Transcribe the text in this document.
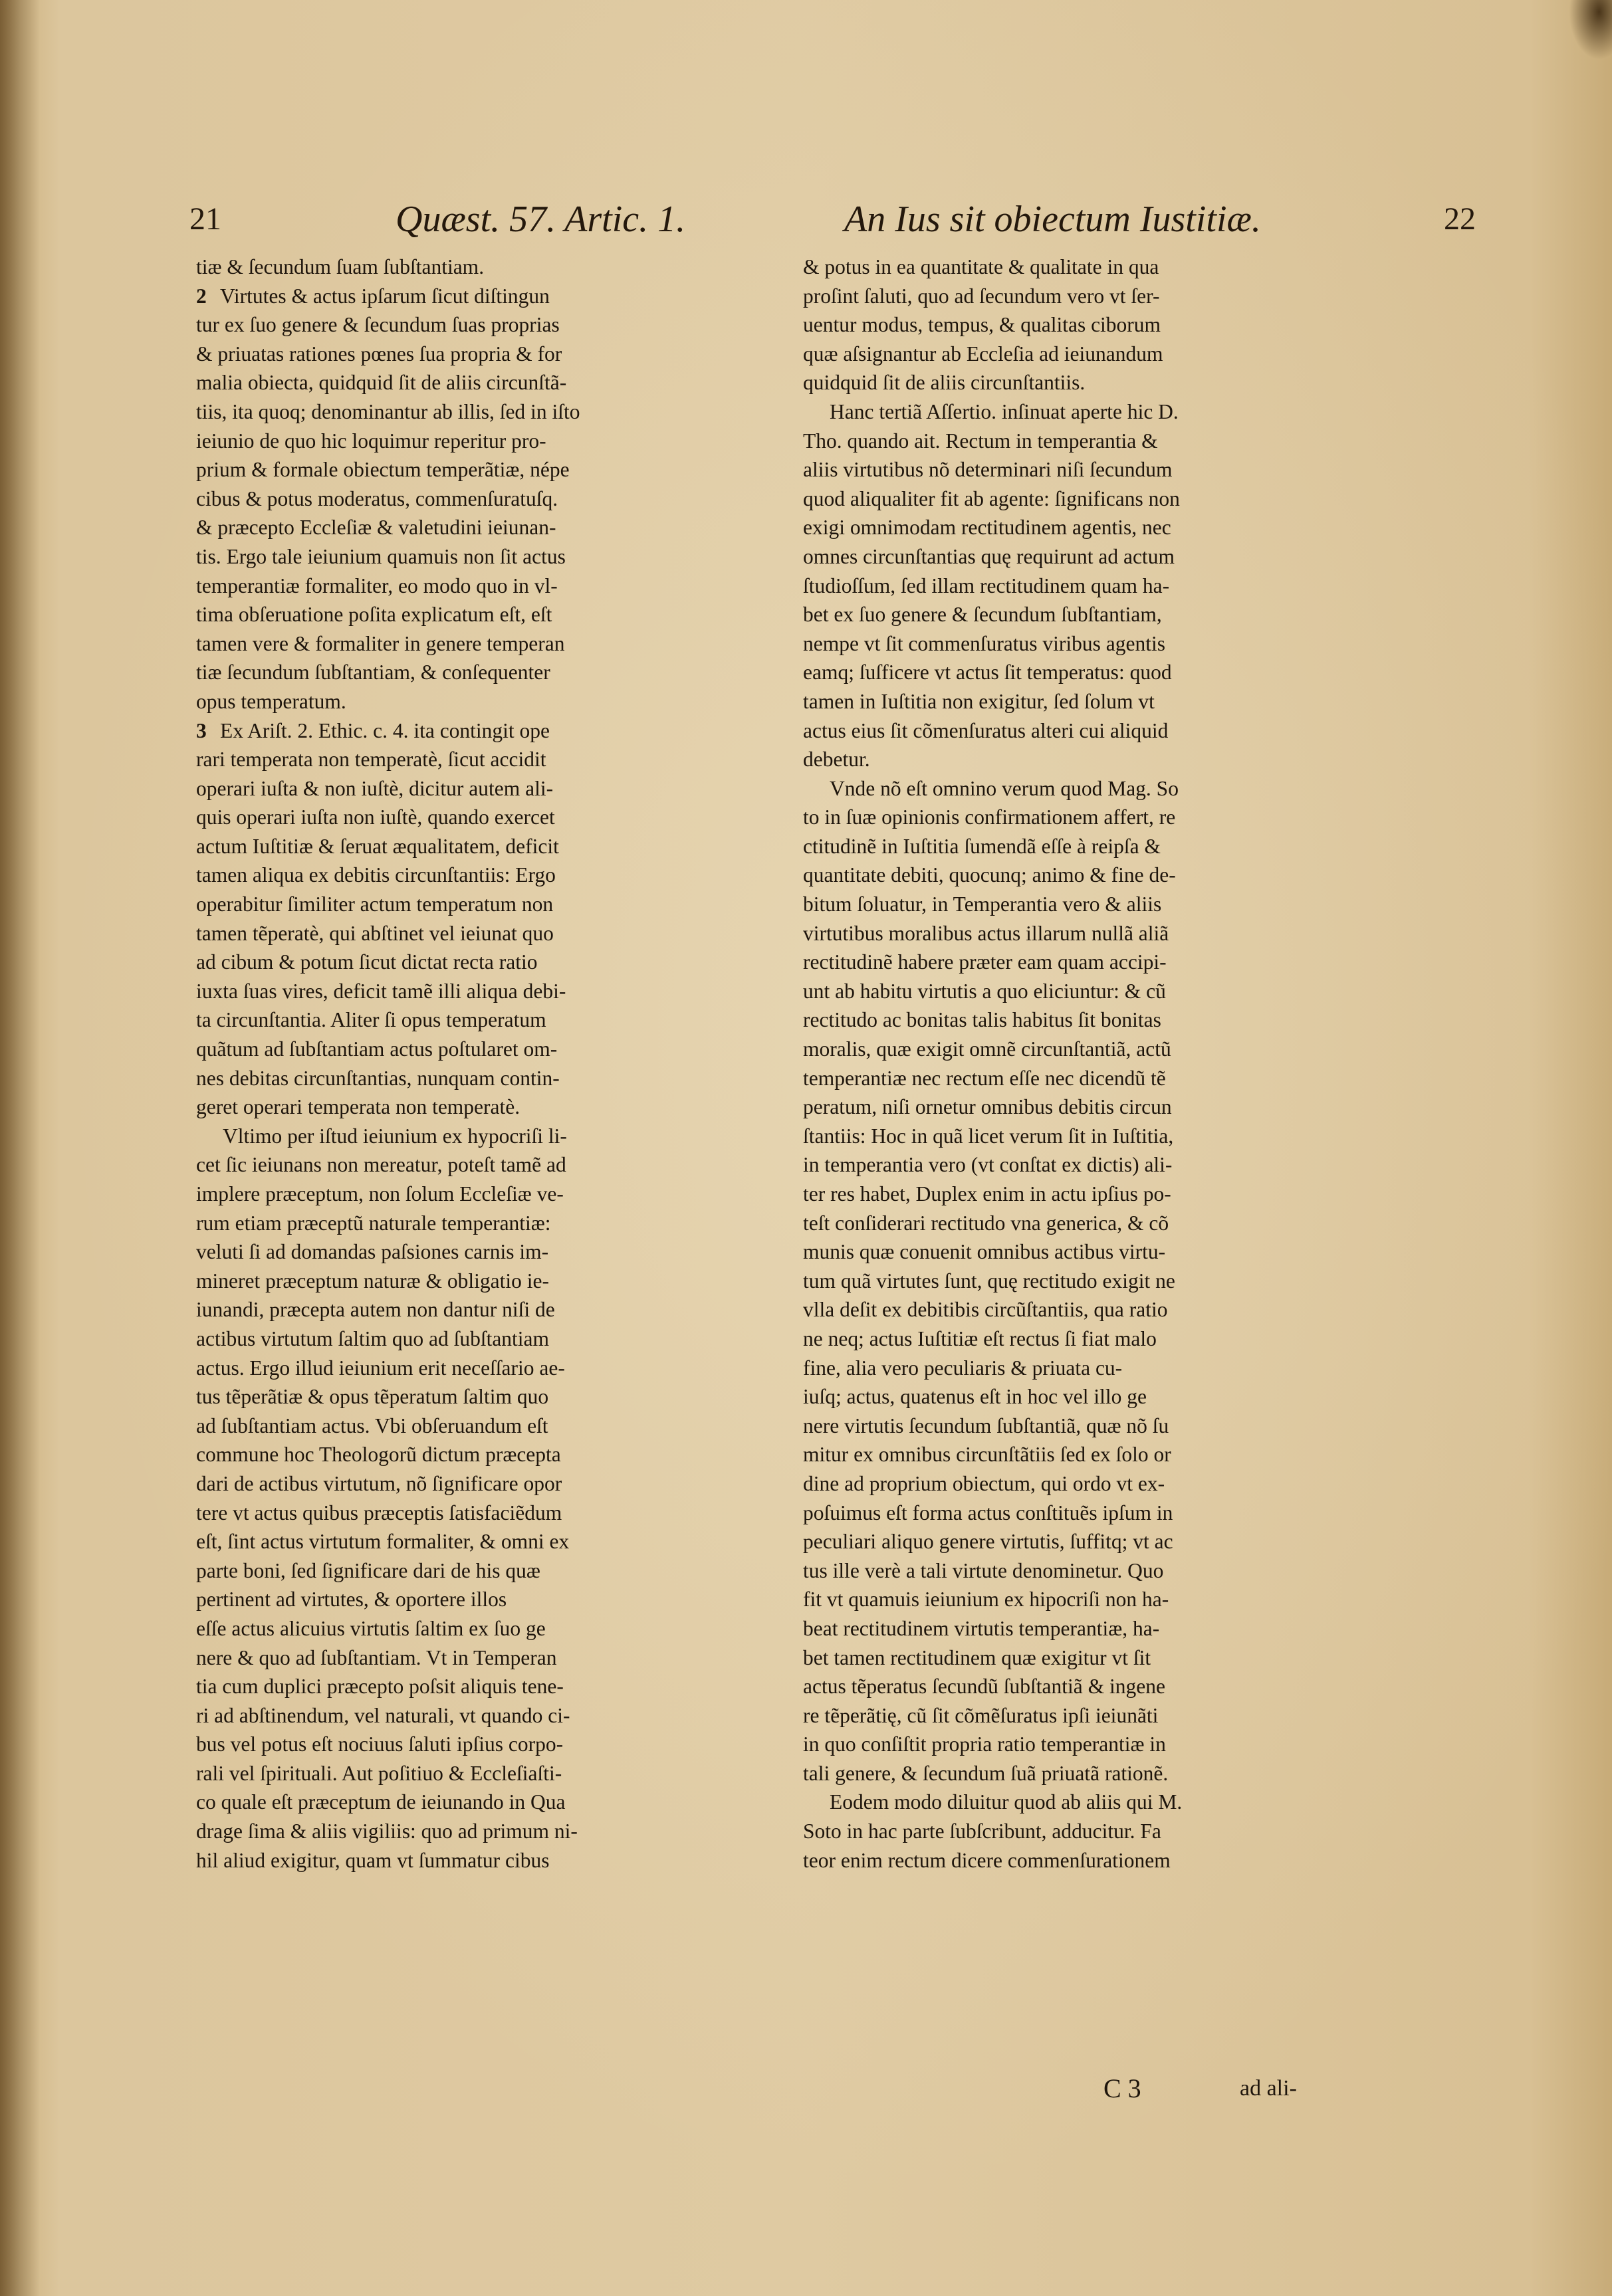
21	Quæst. 57. Artic. 1.	An Ius sit obiectum Iustitiæ.	22
tiæ & ſecundum ſuam ſubſtantiam.
2 Virtutes & actus ipſarum ſicut diſtingun
tur ex ſuo genere & ſecundum ſuas proprias
& priuatas rationes pœnes ſua propria & for
malia obiecta, quidquid ſit de aliis circunſtã-
tiis, ita quoq; denominantur ab illis, ſed in iſto
ieiunio de quo hic loquimur reperitur pro-
prium & formale obiectum temperãtiæ, népe
cibus & potus moderatus, commenſuratuſq.
& præcepto Eccleſiæ & valetudini ieiunan-
tis. Ergo tale ieiunium quamuis non ſit actus
temperantiæ formaliter, eo modo quo in vl-
tima obſeruatione poſita explicatum eſt, eſt
tamen vere & formaliter in genere temperan
tiæ ſecundum ſubſtantiam, & conſequenter
opus temperatum.
3 Ex Ariſt. 2. Ethic. c. 4. ita contingit ope
rari temperata non temperatè, ſicut accidit
operari iuſta & non iuſtè, dicitur autem ali-
quis operari iuſta non iuſtè, quando exercet
actum Iuſtitiæ & ſeruat æqualitatem, deficit
tamen aliqua ex debitis circunſtantiis: Ergo
operabitur ſimiliter actum temperatum non
tamen tẽperatè, qui abſtinet vel ieiunat quo
ad cibum & potum ſicut dictat recta ratio
iuxta ſuas vires, deficit tamẽ illi aliqua debi-
ta circunſtantia. Aliter ſi opus temperatum
quãtum ad ſubſtantiam actus poſtularet om-
nes debitas circunſtantias, nunquam contin-
geret operari temperata non temperatè.
Vltimo per iſtud ieiunium ex hypocriſi li-
cet ſic ieiunans non mereatur, poteſt tamẽ ad
implere præceptum, non ſolum Eccleſiæ ve-
rum etiam præceptũ naturale temperantiæ:
veluti ſi ad domandas paſsiones carnis im-
mineret præceptum naturæ & obligatio ie-
iunandi, præcepta autem non dantur niſi de
actibus virtutum ſaltim quo ad ſubſtantiam
actus. Ergo illud ieiunium erit neceſſario ae-
tus tẽperãtiæ & opus tẽperatum ſaltim quo
ad ſubſtantiam actus. Vbi obſeruandum eſt
commune hoc Theologorũ dictum præcepta
dari de actibus virtutum, nõ ſignificare opor
tere vt actus quibus præceptis ſatisfaciẽdum
eſt, ſint actus virtutum formaliter, & omni ex
parte boni, ſed ſignificare dari de his quæ
pertinent ad virtutes, & oportere illos
eſſe actus alicuius virtutis ſaltim ex ſuo ge
nere & quo ad ſubſtantiam. Vt in Temperan
tia cum duplici præcepto poſsit aliquis tene-
ri ad abſtinendum, vel naturali, vt quando ci-
bus vel potus eſt nociuus ſaluti ipſius corpo-
rali vel ſpirituali. Aut poſitiuo & Eccleſiaſti-
co quale eſt præceptum de ieiunando in Qua
drage ſima & aliis vigiliis: quo ad primum ni-
hil aliud exigitur, quam vt ſummatur cibus
& potus in ea quantitate & qualitate in qua
proſint ſaluti, quo ad ſecundum vero vt ſer-
uentur modus, tempus, & qualitas ciborum
quæ aſsignantur ab Eccleſia ad ieiunandum
quidquid ſit de aliis circunſtantiis.
Hanc tertiã Aſſertio. inſinuat aperte hic D.
Tho. quando ait. Rectum in temperantia &
aliis virtutibus nõ determinari niſi ſecundum
quod aliqualiter fit ab agente: ſignificans non
exigi omnimodam rectitudinem agentis, nec
omnes circunſtantias quę requirunt ad actum
ſtudioſſum, ſed illam rectitudinem quam ha-
bet ex ſuo genere & ſecundum ſubſtantiam,
nempe vt ſit commenſuratus viribus agentis
eamq; ſuſficere vt actus ſit temperatus: quod
tamen in Iuſtitia non exigitur, ſed ſolum vt
actus eius ſit cõmenſuratus alteri cui aliquid
debetur.
Vnde nõ eſt omnino verum quod Mag. So
to in ſuæ opinionis confirmationem affert, re
ctitudinẽ in Iuſtitia ſumendã eſſe à reipſa &
quantitate debiti, quocunq; animo & fine de-
bitum ſoluatur, in Temperantia vero & aliis
virtutibus moralibus actus illarum nullã aliã
rectitudinẽ habere præter eam quam accipi-
unt ab habitu virtutis a quo eliciuntur: & cũ
rectitudo ac bonitas talis habitus ſit bonitas
moralis, quæ exigit omnẽ circunſtantiã, actũ
temperantiæ nec rectum eſſe nec dicendũ tẽ
peratum, niſi ornetur omnibus debitis circun
ſtantiis: Hoc in quã licet verum ſit in Iuſtitia,
in temperantia vero (vt conſtat ex dictis) ali-
ter res habet, Duplex enim in actu ipſius po-
teſt conſiderari rectitudo vna generica, & cõ
munis quæ conuenit omnibus actibus virtu-
tum quã virtutes ſunt, quę rectitudo exigit ne
vlla deſit ex debitibis circũſtantiis, qua ratio
ne neq; actus Iuſtitiæ eſt rectus ſi fiat malo
fine, alia vero peculiaris & priuata cu-
iuſq; actus, quatenus eſt in hoc vel illo ge
nere virtutis ſecundum ſubſtantiã, quæ nõ ſu
mitur ex omnibus circunſtãtiis ſed ex ſolo or
dine ad proprium obiectum, qui ordo vt ex-
poſuimus eſt forma actus conſtituẽs ipſum in
peculiari aliquo genere virtutis, ſuffitq; vt ac
tus ille verè a tali virtute denominetur. Quo
fit vt quamuis ieiunium ex hipocriſi non ha-
beat rectitudinem virtutis temperantiæ, ha-
bet tamen rectitudinem quæ exigitur vt ſit
actus tẽperatus ſecundũ ſubſtantiã & ingene
re tẽperãtię, cũ ſit cõmẽſuratus ipſi ieiunãti
in quo conſiſtit propria ratio temperantiæ in
tali genere, & ſecundum ſuã priuatã rationẽ.
Eodem modo diluitur quod ab aliis qui M.
Soto in hac parte ſubſcribunt, adducitur. Fa
teor enim rectum dicere commenſurationem
C 3	ad ali-
